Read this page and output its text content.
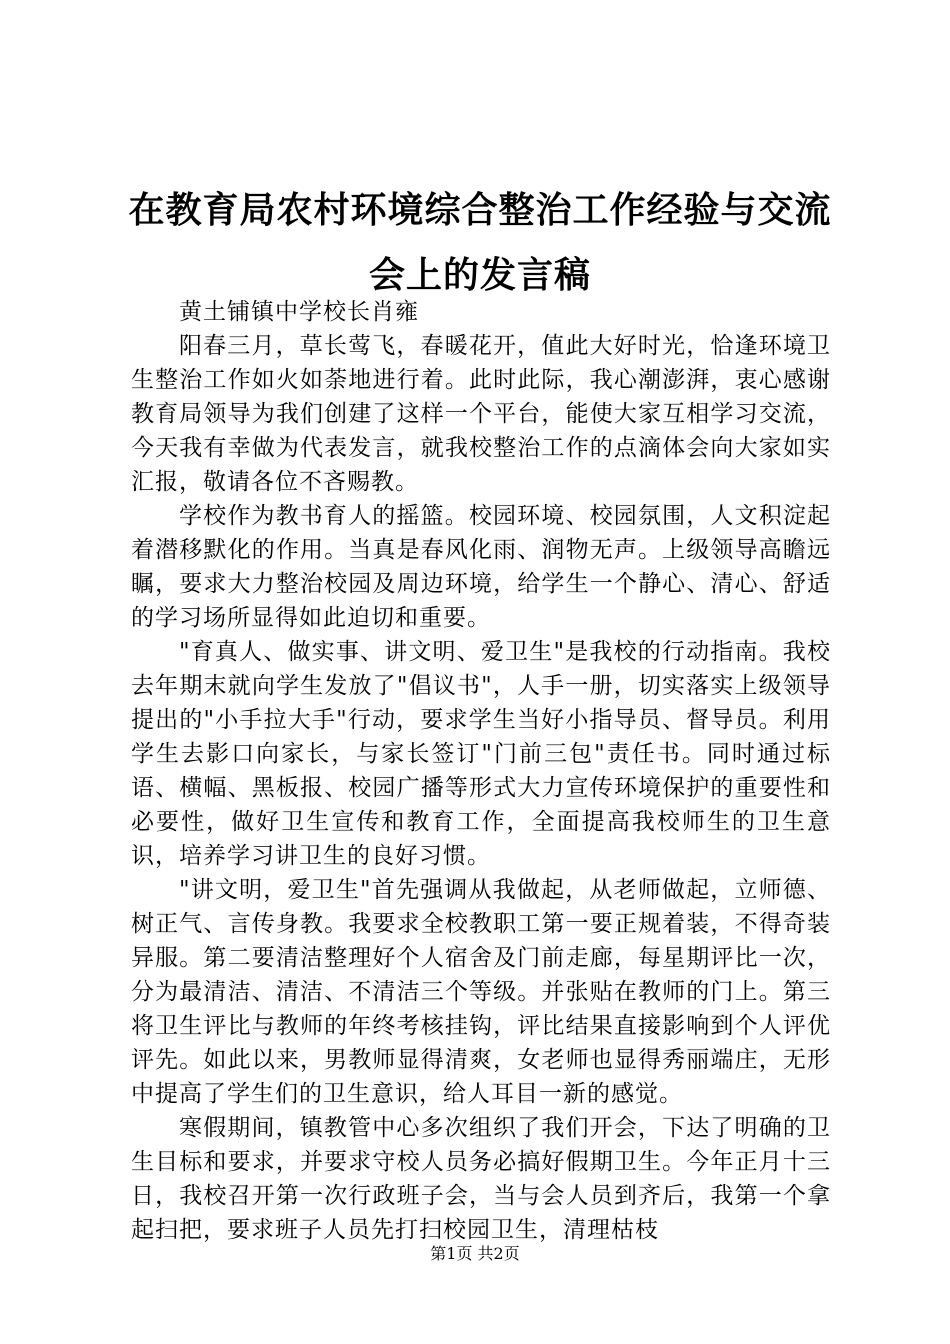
在教育局农村环境综合整治工作经验与交流会上的发言稿

黄土铺镇中学校长肖雍

阳春三月，草长莺飞，春暖花开，值此大好时光，恰逢环境卫生整治工作如火如荼地进行着。此时此际，我心潮澎湃，衷心感谢教育局领导为我们创建了这样一个平台，能使大家互相学习交流，今天我有幸做为代表发言，就我校整治工作的点滴体会向大家如实汇报，敬请各位不吝赐教。

学校作为教书育人的摇篮。校园环境、校园氛围，人文积淀起着潜移默化的作用。当真是春风化雨、润物无声。上级领导高瞻远瞩，要求大力整治校园及周边环境，给学生一个静心、清心、舒适的学习场所显得如此迫切和重要。

"育真人、做实事、讲文明、爱卫生"是我校的行动指南。我校去年期末就向学生发放了"倡议书"，人手一册，切实落实上级领导提出的"小手拉大手"行动，要求学生当好小指导员、督导员。利用学生去影口向家长，与家长签订"门前三包"责任书。同时通过标语、横幅、黑板报、校园广播等形式大力宣传环境保护的重要性和必要性，做好卫生宣传和教育工作，全面提高我校师生的卫生意识，培养学习讲卫生的良好习惯。

"讲文明，爱卫生"首先强调从我做起，从老师做起，立师德、树正气、言传身教。我要求全校教职工第一要正规着装，不得奇装异服。第二要清洁整理好个人宿舍及门前走廊，每星期评比一次，分为最清洁、清洁、不清洁三个等级。并张贴在教师的门上。第三将卫生评比与教师的年终考核挂钩，评比结果直接影响到个人评优评先。如此以来，男教师显得清爽，女老师也显得秀丽端庄，无形中提高了学生们的卫生意识，给人耳目一新的感觉。

寒假期间，镇教管中心多次组织了我们开会，下达了明确的卫生目标和要求，并要求守校人员务必搞好假期卫生。今年正月十三日，我校召开第一次行政班子会，当与会人员到齐后，我第一个拿起扫把，要求班子人员先打扫校园卫生，清理枯枝

第1页 共2页
